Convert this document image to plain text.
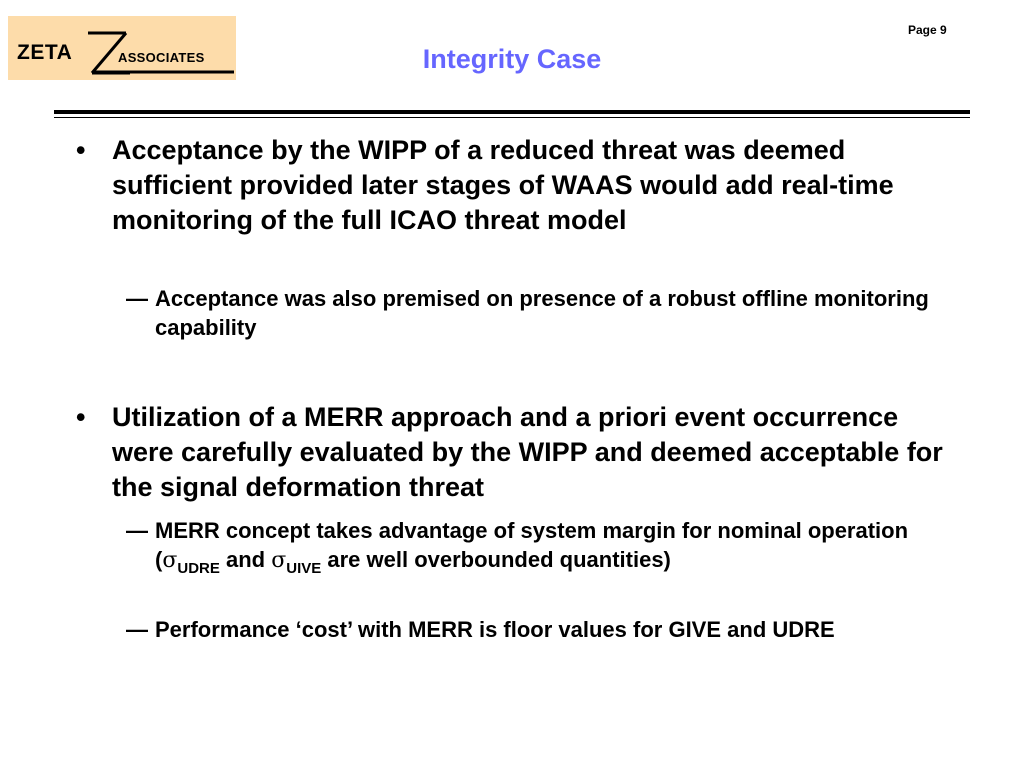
ZETA	ASSOCIATES
Page 9
Integrity Case
• Acceptance by the WIPP of a reduced threat was deemed sufficient provided later stages of WAAS would add real-time monitoring of the full ICAO threat model
— Acceptance was also premised on presence of a robust offline monitoring capability
• Utilization of a MERR approach and a priori event occurrence were carefully evaluated by the WIPP and deemed acceptable for the signal deformation threat
— MERR concept takes advantage of system margin for nominal operation ($\sigma_{UDRE}$ and $\sigma_{UIVE}$ are well overbounded quantities)
— Performance ‘cost’ with MERR is floor values for GIVE and UDRE
